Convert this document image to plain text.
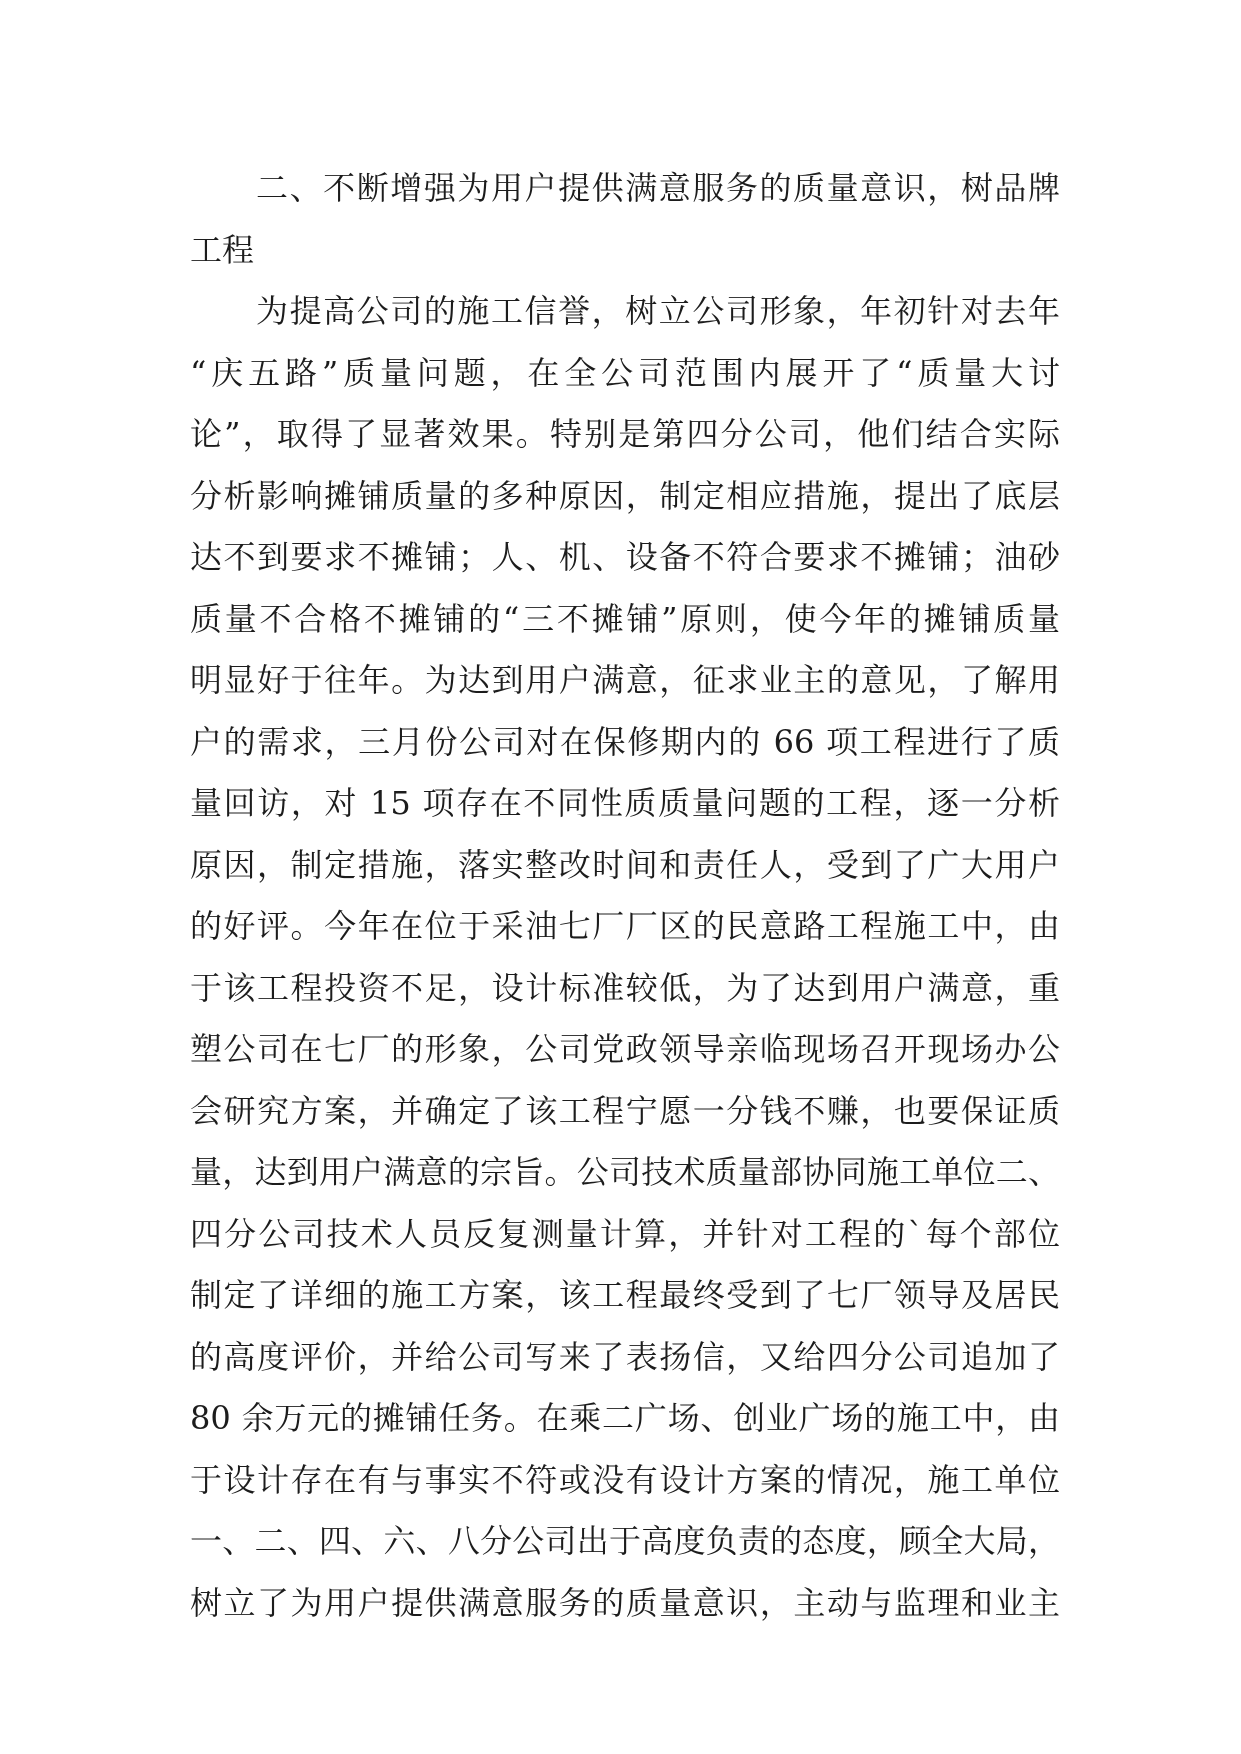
二、不断增强为用户提供满意服务的质量意识，树品牌
工程
为提高公司的施工信誉，树立公司形象，年初针对去年
“庆五路”质量问题，在全公司范围内展开了“质量大讨
论”，取得了显著效果。特别是第四分公司，他们结合实际
分析影响摊铺质量的多种原因，制定相应措施，提出了底层
达不到要求不摊铺；人、机、设备不符合要求不摊铺；油砂
质量不合格不摊铺的“三不摊铺”原则，使今年的摊铺质量
明显好于往年。为达到用户满意，征求业主的意见，了解用
户的需求，三月份公司对在保修期内的 66 项工程进行了质
量回访，对 15 项存在不同性质质量问题的工程，逐一分析
原因，制定措施，落实整改时间和责任人，受到了广大用户
的好评。今年在位于采油七厂厂区的民意路工程施工中，由
于该工程投资不足，设计标准较低，为了达到用户满意，重
塑公司在七厂的形象，公司党政领导亲临现场召开现场办公
会研究方案，并确定了该工程宁愿一分钱不赚，也要保证质
量，达到用户满意的宗旨。公司技术质量部协同施工单位二、
四分公司技术人员反复测量计算，并针对工程的`每个部位
制定了详细的施工方案，该工程最终受到了七厂领导及居民
的高度评价，并给公司写来了表扬信，又给四分公司追加了
80 余万元的摊铺任务。在乘二广场、创业广场的施工中，由
于设计存在有与事实不符或没有设计方案的情况，施工单位
一、二、四、六、八分公司出于高度负责的态度，顾全大局，
树立了为用户提供满意服务的质量意识，主动与监理和业主
